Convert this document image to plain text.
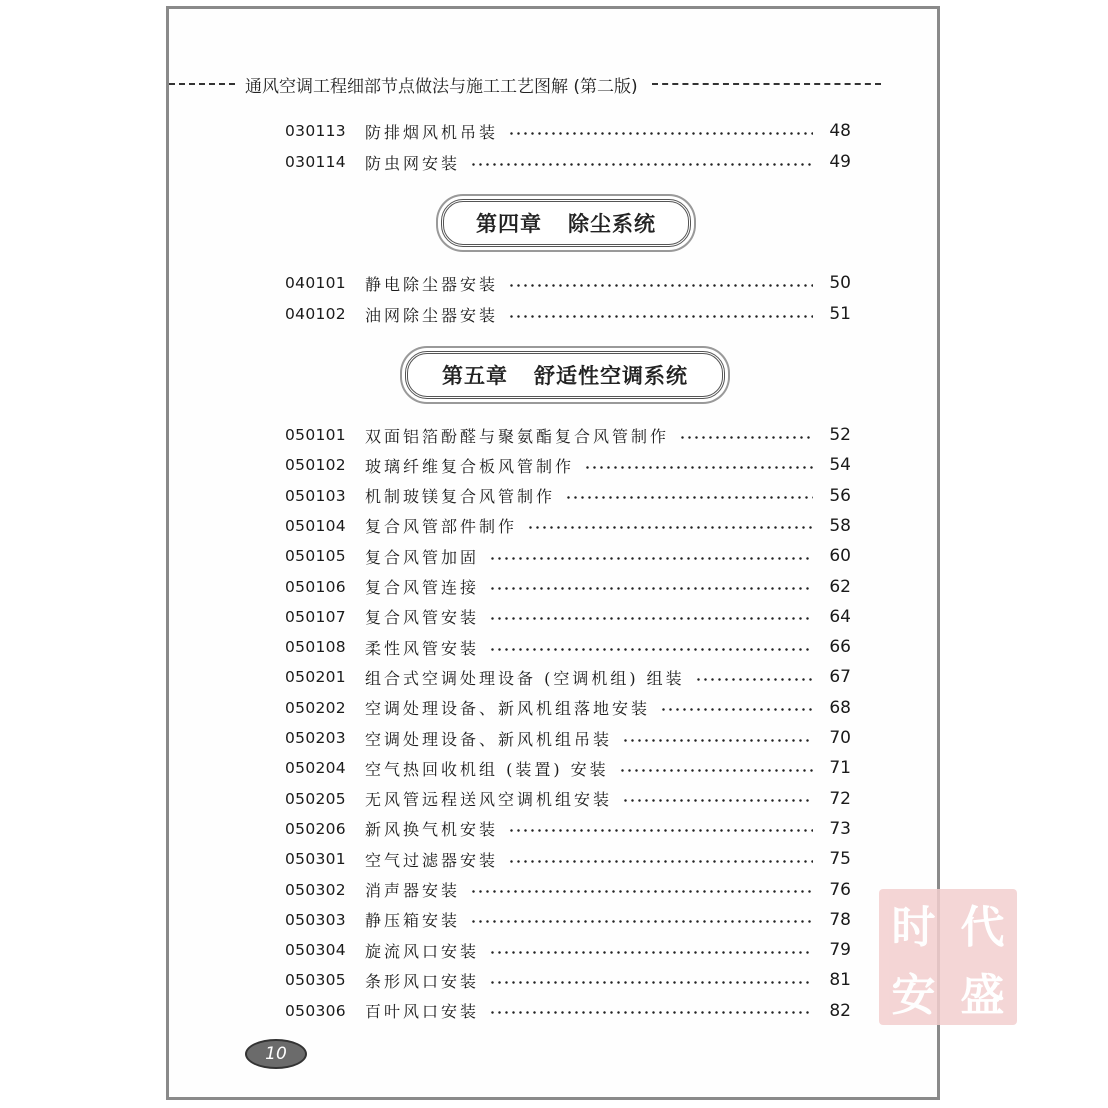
通风空调工程细部节点做法与施工工艺图解 (第二版)
030113	防排烟风机吊装	48
030114	防虫网安装	49
第四章 除尘系统
040101	静电除尘器安装	50
040102	油网除尘器安装	51
第五章 舒适性空调系统
050101	双面铝箔酚醛与聚氨酯复合风管制作	52
050102	玻璃纤维复合板风管制作	54
050103	机制玻镁复合风管制作	56
050104	复合风管部件制作	58
050105	复合风管加固	60
050106	复合风管连接	62
050107	复合风管安装	64
050108	柔性风管安装	66
050201	组合式空调处理设备 (空调机组) 组装	67
050202	空调处理设备、新风机组落地安装	68
050203	空调处理设备、新风机组吊装	70
050204	空气热回收机组 (装置) 安装	71
050205	无风管远程送风空调机组安装	72
050206	新风换气机安装	73
050301	空气过滤器安装	75
050302	消声器安装	76
050303	静压箱安装	78
050304	旋流风口安装	79
050305	条形风口安装	81
050306	百叶风口安装	82
时 代
安 盛
10
